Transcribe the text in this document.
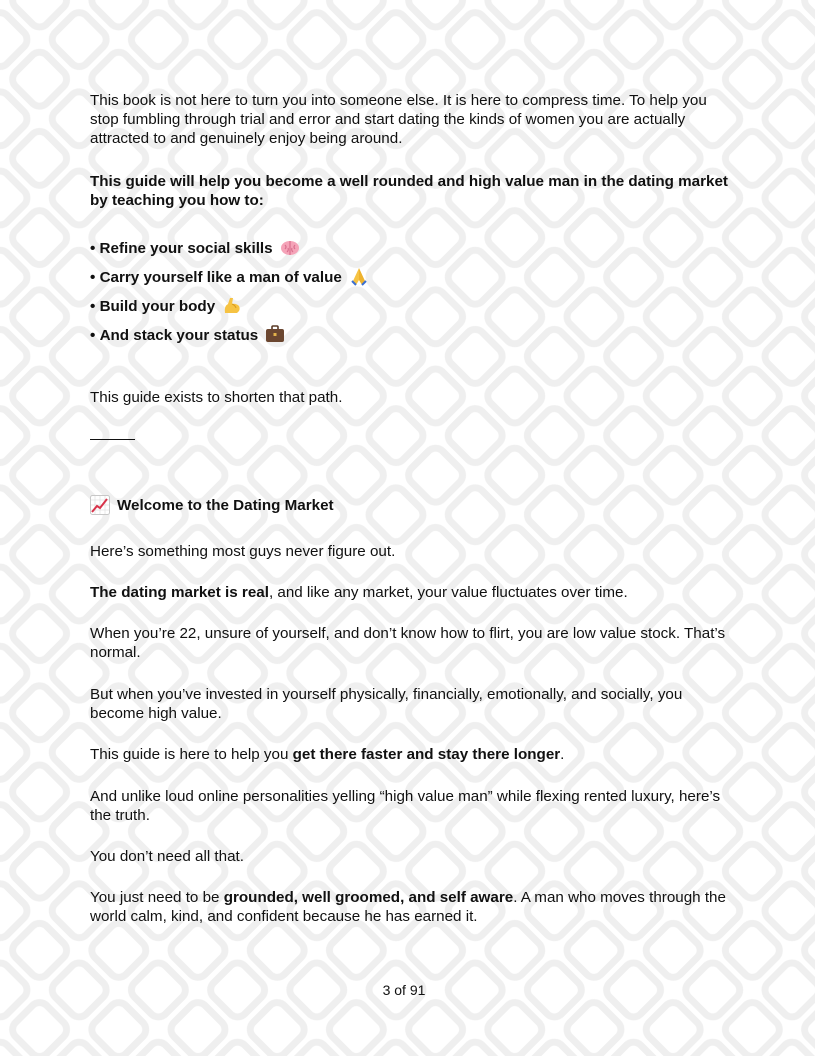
This book is not here to turn you into someone else. It is here to compress time. To help you stop fumbling through trial and error and start dating the kinds of women you are actually attracted to and genuinely enjoy being around.

This guide will help you become a well rounded and high value man in the dating market by teaching you how to:

• Refine your social skills
• Carry yourself like a man of value
• Build your body
• And stack your status

This guide exists to shorten that path.

Welcome to the Dating Market

Here’s something most guys never figure out.

The dating market is real, and like any market, your value fluctuates over time.

When you’re 22, unsure of yourself, and don’t know how to flirt, you are low value stock. That’s normal.

But when you’ve invested in yourself physically, financially, emotionally, and socially, you become high value.

This guide is here to help you get there faster and stay there longer.

And unlike loud online personalities yelling “high value man” while flexing rented luxury, here’s the truth.

You don’t need all that.

You just need to be grounded, well groomed, and self aware. A man who moves through the world calm, kind, and confident because he has earned it.

3 of 91
